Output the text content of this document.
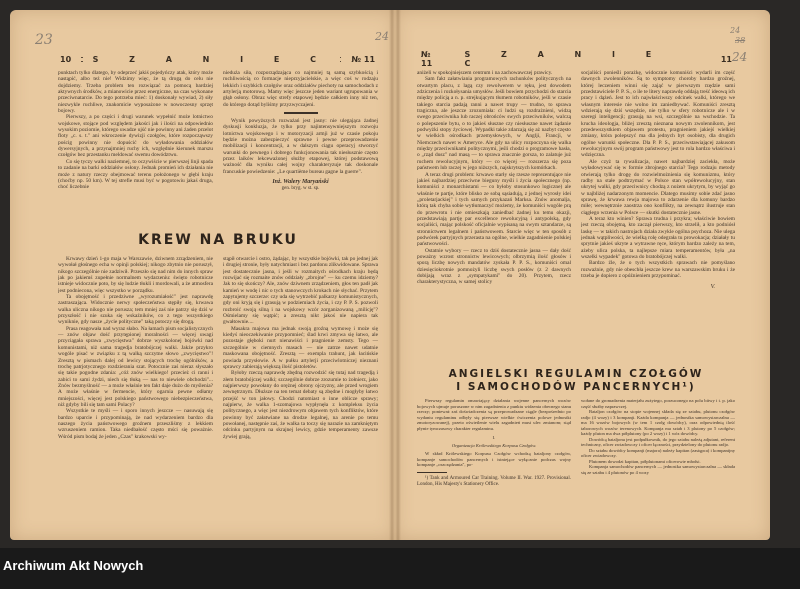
23	24
10	S Z A N I E C	№ 11

punktach tylko dlatego, by odeprzeć jakiś pojedyńczy atak, który może nastąpić, albo też nie! Widzimy więc, że tą drogą do celu nie dojdziemy. Trzeba problem ten rozwiązać za pomocą bardziej aktywnych środków, a mianowicie przez energiczne, na czas wykonane przeciwnatarcie. Do tego potrzeba mieć: 1) doskonały wywiad, 2) siły niezwykle ruchliwe, znakomicie wyposażone w nowoczesny sprzęt bojowy.

Pierwszy, a po części i drugi warunek wypełnić może lotnictwo wojskowe, stojące pod względem jakości jak i ilości na odpowiednio wysokim poziomie, którego uwadze ujść nie powinny ani żaden przelot floty „c. s. t." ani wkroczenie dywizji czołgów, które rozpocząwszy pościg powinny nie dopuścić do wyładowania oddziałów dywersyjnych, a przynajmniej ruchy ich, względnie kierunek marszu czołgów bez przestanku meldować swemu dowództwu.

Co się tyczy walki naziemnej, to oczywiście w pierwszej linji spada to zadanie na barki oddziałów osłony. Jednak promień ich działania nie może z natury rzeczy obejmować terenu położonego w głębi kraju (choćby np. 50 km). W tej strefie musi być w pogotowiu jakaś druga, choć liczebnie

nieduża siła, rozporządzająca co najmniej tą samą szybkością i ruchliwością co formacje nieprzyjacielskie, a więc coś w rodzaju lekkich i szybkich czołgów oraz oddziałów piechoty na samochodach z artylerją motorową. Mamy więc jeszcze jeden wariant ugrupowania w głąb osłony. Obraz więc strefy etapowej będzie całkiem inny niż ten, do którego dotąd byliśmy przyzwyczajeni.

Wynik powyższych rozważań jest jasny: nie ulegająca żadnej dyskusji konkluzja, że tylko przy najintensywniejszym rozwoju lotnictwa wojskowego i w motoryzacji armji już w czasie pokoju będzie można zabezpieczyć sprawne i pewne przeprowadzenie mobilizacji i koncentracji, a w dalszym ciągu operacyj stworzyć warunki do pewnego i dobrego funkcjonowania tak niesłusznie często przez laików lekceważonej służby etapowej, której podstawową ważność dla wyniku całej wojny charakteryzuje tak doskonale francuskie powiedzenie: „Le quartième bureau gagne la guerre".

Inż. Walery Maryański
gen. bryg. w st. sp.
KREW NA BRUKU

Krwawy dzień 1-go maja w Warszawie, dziwnem zrządzeniem, nie wywołał głośnego echa w opinji polskiej; nikogo zbytnio nie poruszył, nikogo szczególnie nie zadziwił. Przeszło się nad nim do innych spraw jak po jakiemś zupełnie normalnem wydarzeniu: święto robotnicze istnieje widocznie poto, by się ludzie tłukli i mordowali, a że atmosfera jest podniecona, więc wszystko w porządku.

Ta obojętność i przedziwne „wyrozumiałość" jest naprawdę zastraszająca. Widocznie nerwy społeczeństwa stępiły się, krwawa walka uliczna nikogo nie porusza; tem mniej zaś nie patrzy się dziś w przyszłość i nie szuka się wskaźników, co z tego wszystkiego wyniknie, gdy nasze „życie polityczne" taką potoczy się drogą.

Prasa reagowała nad wyraz słabo. Na łamach pism socjalistycznych — znów objaw dość przytępionej moralności — więcej uwagi przyciągała sprawa „zwycięstwa" dobrze wyszkolonej bojówki nad komunistami, niż sama tragedja bratobójczej walki. Jakże przykro wogóle pisać w związku z tą walką szczytne słowo „zwycięstwo"! Zresztą w pismach dalej od lewicy stojących trochę ogólników, a trochę patrjotycznego rozdzierania szat. Potocznie zaś nieraz słyszało się takie pogodne zdania: „cóż znów wielkiego! przecież ci ranni i zabici to sami żydzi, niech się tłuką — nas to niewiele obchodzi"... Znów bezmyślność — a może właśnie ten fakt daje dużo do myślenia? A może właśnie w fermencie, który ogarnia pewne odłamy mniejszości, więcej jest polskiego państwowego niebezpieczeństwa, niż gdyby bili się tam sami Polacy?

Wszystkie te myśli — i sporo innych jeszcze — nasuwają się bardzo uparcie i przypominają, że nad wydarzeniem bardzo dla naszego życia państwowego groźnem przeszliśmy z lekkiem wzruszeniem ramion. Taka niedbałość często mści się poważnie. Wśród pism bodaj że jeden „Czas" krakowski wy-

stąpił otwarcie i ostro, żądając, by wszystkie bojówki, tak po jednej jak i drugiej stronie, były natychmiast i bez pardonu zlikwidowane. Sprawa jest dostatecznie jasna, i jeśli w rozmaitych ośrodkach kraju będą rozwijać się rozmaite znów oddziały „zbrojne" — ku czemu idziemy? Jak to się skończy? Ale, znów dziwnem zrządzeniem, głos ten padł jak kamień w wodę i nic o tych stanowczych krokach nie słychać. Przytem zapytujemy szczerze: czy uda się wytrzebić palkarzy komunistycznych, gdy oni kryją się i grasują w podziemiach życia, i czy P. P. S. pozwoli rozbroić swoją silną i na wojskowy wzór zorganizowaną „milicję"? Ośmielamy się wątpić; a zresztą nikt jakoś nie napiera tak gwałtownie....

Masakra majowa ma jednak swoją groźną wymowę i może się kiedyś nieoczekiwanie przypomnieć; ślad krwi zmywa się łatwo, ale pozostaje głęboki nurt nienawiści i pragnienie zemsty. Tego — szczególnie w ciemnych masach — nie zatrze nawet udatnie maskowana obojętność. Zresztą — exempla trahunt, jak łacińskie powiada przysłowie. A w pułku artylerji przeciwlotniczej nieznani sprawcy zabierają większą ilość pistoletów.

Byłoby rzeczą naprawdę zbędną rozwodzić się tutaj nad tragedją i złem bratobójczej walki; szczególnie dobrze zrozumie to żołnierz, jako najpierwszy powołany do orężnej obrony ojczyzny, ale przed wrogiem zewnętrznym. Dłuższe na ten temat debaty są zbędne i mogłyby łatwo przejść w ton jałowy. Chodzi natomiast o inne oblicze sprawy; najpierw, że walka 1-szomajowa wypłynęła z kompleksu życia politycznego, a więc jest niezdrowym objawem tych konfliktów, które powinny być załatwiane na drodze legalnej, na arenie po temu powołanej, następnie zaś, że walka ta toczy się narazie na zamkniętym odcinku partyjnym na skrajnej lewicy, gdzie temperamenty zawsze żywiej grają,

24
38
24
№ 11
S Z A N I E C	11

aniżeli w spokojniejszem centrum i na zachowawczej prawicy.

Sam fakt załatwiania programowych rachunków politycznych na otwartym placu, z lagą czy rewolwerem w ręku, jest dowodem zdziczenia i rozkołysania umysłów. Jeśli bowiem przychodzi do starcia między policją a n. p. strejkującym tłumem robotników, jeśli w czasie takiego starcia padają ranni a nawet trupy — trudno, to sprawa tragiczna, ale jeszcze zrozumiała: ci ludzi są rozdrażnieni, widzą swego przeciwnika lub raczej obrońców swych przeciwników, walczą o polepszenie bytu, o to jakieś słuszne czy niesłuszne nawet żądanie podwyżki stopy życiowej. Wypadki takie zdarzają się aż nazbyt często w wielkich ośrodkach przemysłowych, w Anglji, Francji, w Niemczech nawet w Ameryce. Ale gdy na ulicy rozpoczyna się walka między przeciwnikami politycznymi, jeśli chodzi o programowe hasła, o „rząd dusz" nad masą — to sprawa znacznie gorsza, to zalatuje już ruchem rewolucyjnym, który — co więcej — rozszerza się poza państwem lub raczej w jego niższych, najskrytszych komórkach.

A teraz drugi problem: krwawo starły się rzesze reprezentujące nie jakieś najbardziej przeciwne bieguny myśli i życia społecznego (np. komuniści z monarchistami — co byłoby stosunkowo logiczne) ale właśnie te partje, które blisko ze sobą sąsiadują, z jednej wyrosły idei „proletarjackiej" i tych samych przykazań Marksa. Znów anomalja, którą tak chyba sobie wytłumaczyć możemy, że komuniści wogóle prą do przewrotu i nie omieszkają zaniedbać żadnej ku temu okazji, przedstawiają partję par excellence rewolucyjną i antypolską, gdy socjaliści, mając polskość oficjalnie wypisaną na swym sztandarze, są stronnictwem legalnem i państwowem. Starcie więc w ten sposób z podwórek partyjnych przerasta na ogólne, wielkie zagadnienie polskiej państwowości.

Ostatnie wybory — rzecz to dziś dostatecznie jasna — dały dość poważny wzrost stronnictw lewicowych; olbrzymią ilość głosów i sporą liczbę nowych mandatów zyskała P. P. S., komuniści omal dziesięciokrotnie pomnożyli liczbę swych posłów (z 2 dawnych dobijają wraz z „sympatykami" do 20). Przytem, rzecz charakterystyczna, w samej stolicy

socjaliści ponieśli porażkę, widocznie komuniści wydarli im część dawnych zwolenników. Są to symptomy choroby bardzo groźnej, której leczeniem winni się zająć w pierwszym rzędzie sami przedstawiciele P. P. S., o ile te litery naprawdę oddają treść ideową ich pracy i dążeń. Jest to ich najwłaściwszy odcinek walki, którego we własnym interesie nie wolno im zaniedbywać. Komuniści zresztą wdzierają się dziś wszędzie, nie tylko w sfery robotnicze ale i w szeregi inteligencji; grasują na wsi, szczególnie na wschodzie. Ta krucha ideologja, bliżej zresztą nieznana nowym zwolennikom, jest przedewszystkiem objawem protestu, pragnieniem jakiejś wielkiej zmiany, która polepszyć ma dla jednych byt osobisty, dla drugich ogólne warunki społeczne. Dla P. P. S., przeciwstawiającej zakusom rewolucyjnym swój program państwowy jest to rola bardzo właściwa i wdzięczna.

Ale czyż ta rywalizacja, nawet najbardziej zaciekła, może wyładowywać się w formie zbrojnego starcia? Tego rodzaju metody otwierają tylko drogę do rozwielmożnienia się komunizmu, który radby na stałe podtrzymać w Polsce stan wpółrewolucyjny, stan ukrytej walki, gdy przeciwnicy chodzą z nożem ukrytym, by wyjąć go w najbliżej nadarzonym momencie. Dlatego musimy sobie zdać jasno sprawę, że krwawa rewja majowa to zdarzenie dla komuny bardzo miłe; wewnętrznie zaostrza ono konflikty, na zewnątrz ilustruje stan ciągłego wrzenia w Polsce — skutki dostatecznie jasne.

A teraz kto winien? Sprawa trudna i przykra; właściwie bowiem jest rzeczą obojętną, kto zaczął pierwszy, kto strzelił, a kto podniósł laskę — w takich nastrojach działa zwykle ogólna psychoza. Nie ulega jednak wątpliwości, że wielką rolę odegrała tu prowokacja; działały tu sprytnie jakieś ukryte a wytrawne ręce, którym bardzo zależy na tem, ażeby ulica polska, ta najlepsze miara temperamentów, była „na wszelki wypadek" gotowa do bratobójczej walki.

Bardzo źle, że o tych wszystkich sprawach nie pomyślano rozważnie, gdy nie obeschła jeszcze krew na warszawskim bruku i że trzeba je dopiero z opóźnieniem przypominać.

V.
ANGIELSKI REGULAMIN CZOŁGÓW
I SAMOCHODÓW PANCERNYCH¹)

Pierwszy regulamin omawiający działania wojenne pancernych wozów bojowych ujmuje poruszone w nim zagadnienia z punktu widzenia obecnego stanu rzeczy; ponieważ zaś doświadczenia są przeprowadzane ciągle (bezpośrednio po wydaniu regulaminu odbyły się pierwsze wielkie ćwiczenia polowe jednostki zmotoryzowanej), przeto oświetlenie wielu zagadnień musi ulec zmianom; stąd płynie tymczasowy charakter regulaminu.

I.
Organizacja Królewskiego Korpusu Czołgów.

W skład Królewskiego Korpusu Czołgów wchodzą bataljony czołgów, kompanje samochodów pancernych i istniejące wyłącznie podczas wojny kompanje „oszczędzania", po-

¹) Tank and Armoured Car Training. Volume II. War. 1927. Provisional. London, His Majesty's Stationery Office.

wołane do gromadzenia materjału zużytego, porzuconego na polu bitwy i t. p. jako część służby naprawczej.

Bataljon czołgów na stopie wojennej składa się ze sztabu, plutonu czołgów radjo (4 wozy) i 3 kompanji. Każda kompanja — jednostka samowystarczalna — ma 16 wozów bojowych (w tem 1 czołg dowódcy), oraz odpowiednią ilość taborowych wozów terenowych. Kompanja ma sztab i 3 plutony po 5 czołgów; każdy pluton ma dwa półplutony (po 2 wozy) i 1 wóz dowódcy.

Dowódcą bataljonu jest podpułkownik, do jego sztabu należą adjutant, referent techniczny, oficer zwiadowczy i oficer łączności, przydzielony do plutonu radjo.

Do sztabu dowódcy kompanji (majora) należy kapitan (zastępca) i kompanijny oficer zwiadowczy.

Plutonem dowodzi kapitan, półplutonami oficerowie młodsi.

Kompanja samochodów pancernych — jednostka samowystarczalna — składa się ze sztabu i 4 plutonów po 4 wozy

Archiwum Akt Nowych
